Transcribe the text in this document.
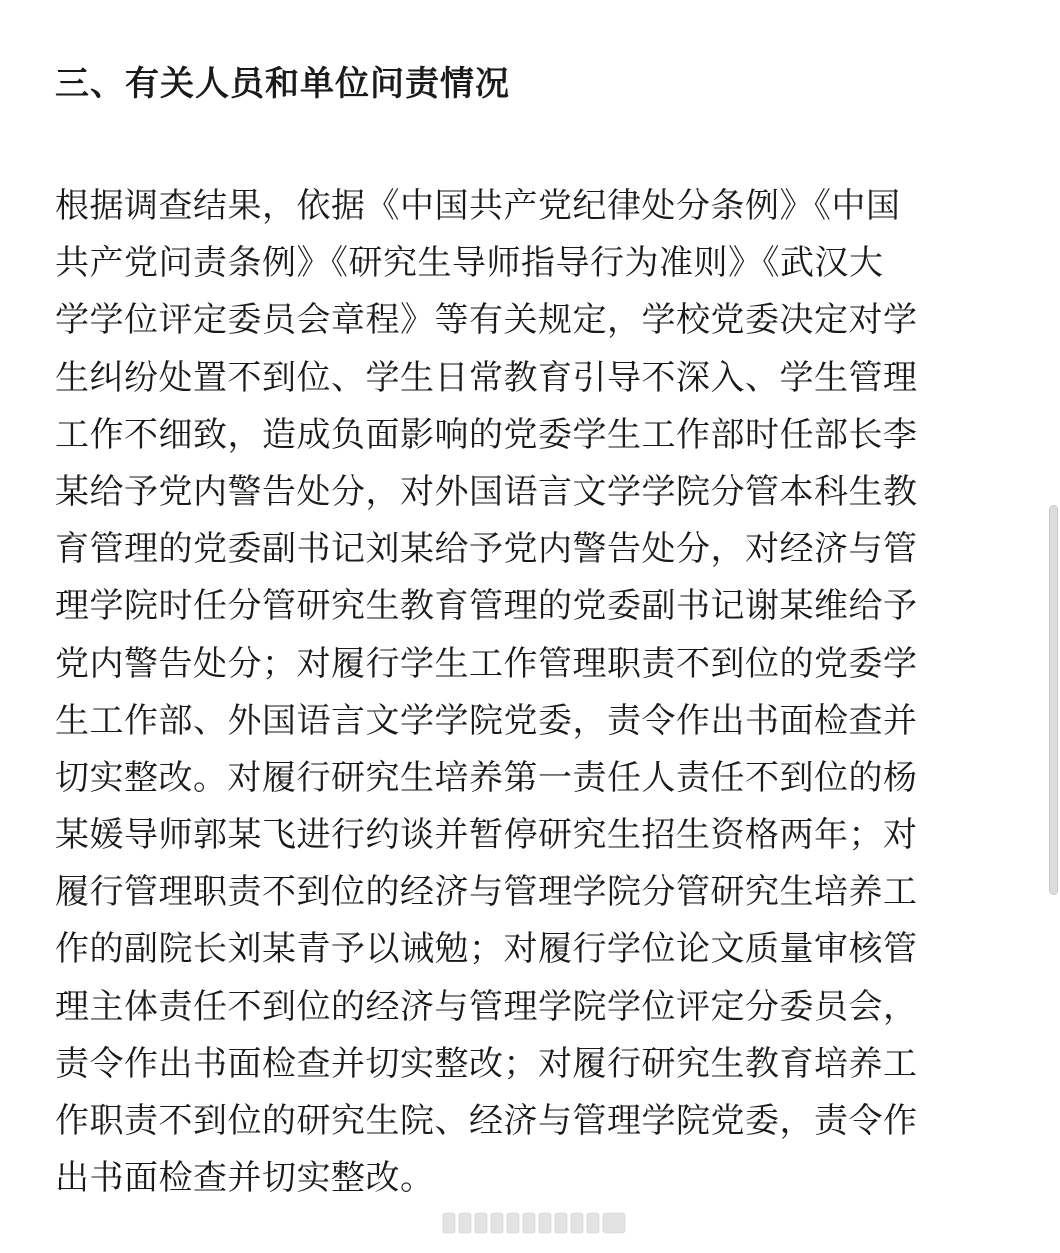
三、有关人员和单位问责情况
根据调查结果，依据《中国共产党纪律处分条例》《中国
共产党问责条例》《研究生导师指导行为准则》《武汉大
学学位评定委员会章程》等有关规定，学校党委决定对学
生纠纷处置不到位、学生日常教育引导不深入、学生管理
工作不细致，造成负面影响的党委学生工作部时任部长李
某给予党内警告处分，对外国语言文学学院分管本科生教
育管理的党委副书记刘某给予党内警告处分，对经济与管
理学院时任分管研究生教育管理的党委副书记谢某维给予
党内警告处分；对履行学生工作管理职责不到位的党委学
生工作部、外国语言文学学院党委，责令作出书面检查并
切实整改。对履行研究生培养第一责任人责任不到位的杨
某媛导师郭某飞进行约谈并暂停研究生招生资格两年；对
履行管理职责不到位的经济与管理学院分管研究生培养工
作的副院长刘某青予以诫勉；对履行学位论文质量审核管
理主体责任不到位的经济与管理学院学位评定分委员会，
责令作出书面检查并切实整改；对履行研究生教育培养工
作职责不到位的研究生院、经济与管理学院党委，责令作
出书面检查并切实整改。
